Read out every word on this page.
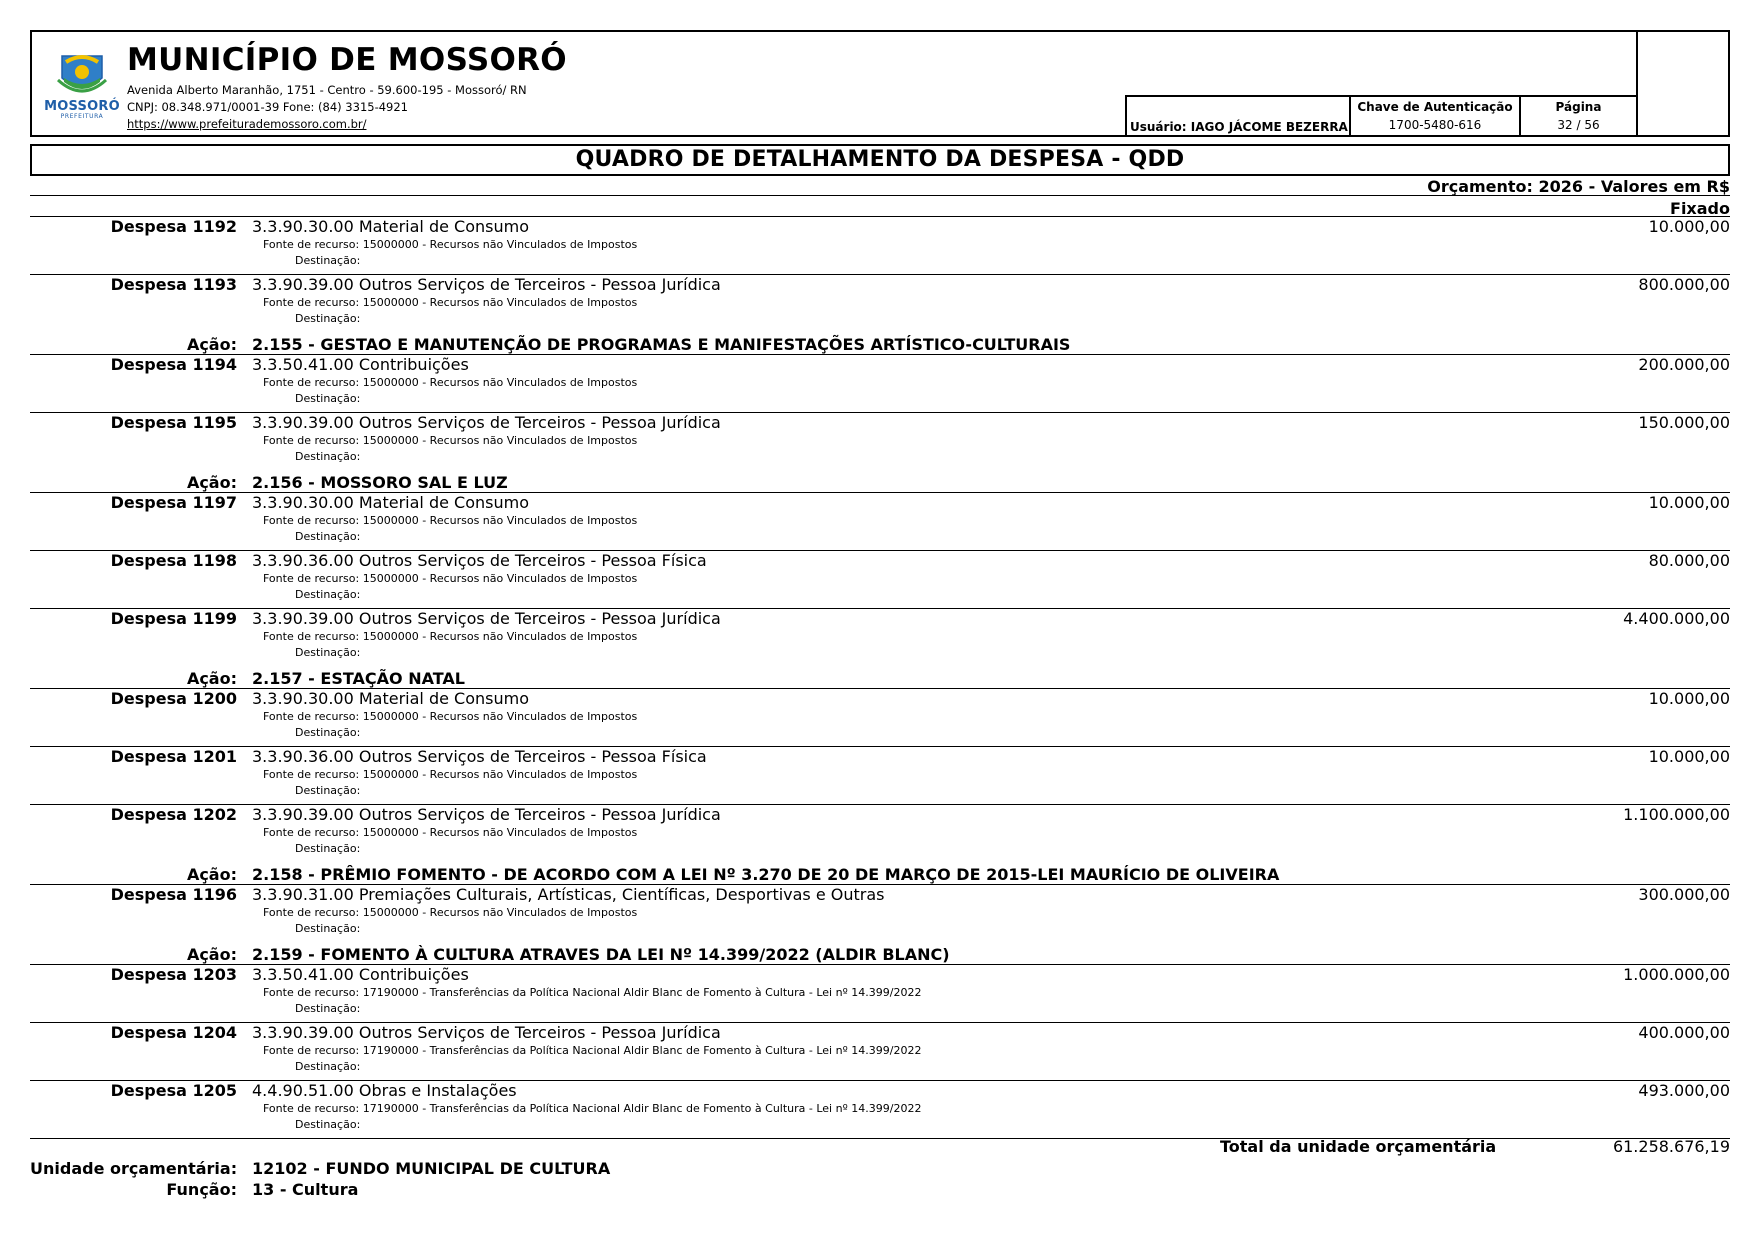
MOSSORÓ
PREFEITURA
MUNICÍPIO DE MOSSORÓ
Avenida Alberto Maranhão, 1751 - Centro - 59.600-195 - Mossoró/ RN
CNPJ: 08.348.971/0001-39 Fone: (84) 3315-4921
https://www.prefeiturademossoro.com.br/	Usuário: IAGO JÁCOME BEZERRA
Chave de Autenticação
1700-5480-616
Página
32 / 56
QUADRO DE DETALHAMENTO DA DESPESA - QDD
Orçamento: 2026 - Valores em R$
Fixado
Despesa 1192 3.3.90.30.00 Material de Consumo	10.000,00
Fonte de recurso: 15000000 - Recursos não Vinculados de Impostos
Destinação:
Despesa 1193 3.3.90.39.00 Outros Serviços de Terceiros - Pessoa Jurídica	800.000,00
Fonte de recurso: 15000000 - Recursos não Vinculados de Impostos
Destinação:
Ação: 2.155 - GESTAO E MANUTENÇÃO DE PROGRAMAS E MANIFESTAÇÕES ARTÍSTICO-CULTURAIS
Despesa 1194 3.3.50.41.00 Contribuições	200.000,00
Fonte de recurso: 15000000 - Recursos não Vinculados de Impostos
Destinação:
Despesa 1195 3.3.90.39.00 Outros Serviços de Terceiros - Pessoa Jurídica	150.000,00
Fonte de recurso: 15000000 - Recursos não Vinculados de Impostos
Destinação:
Ação: 2.156 - MOSSORO SAL E LUZ
Despesa 1197 3.3.90.30.00 Material de Consumo	10.000,00
Fonte de recurso: 15000000 - Recursos não Vinculados de Impostos
Destinação:
Despesa 1198 3.3.90.36.00 Outros Serviços de Terceiros - Pessoa Física	80.000,00
Fonte de recurso: 15000000 - Recursos não Vinculados de Impostos
Destinação:
Despesa 1199 3.3.90.39.00 Outros Serviços de Terceiros - Pessoa Jurídica	4.400.000,00
Fonte de recurso: 15000000 - Recursos não Vinculados de Impostos
Destinação:
Ação: 2.157 - ESTAÇÃO NATAL
Despesa 1200 3.3.90.30.00 Material de Consumo	10.000,00
Fonte de recurso: 15000000 - Recursos não Vinculados de Impostos
Destinação:
Despesa 1201 3.3.90.36.00 Outros Serviços de Terceiros - Pessoa Física	10.000,00
Fonte de recurso: 15000000 - Recursos não Vinculados de Impostos
Destinação:
Despesa 1202 3.3.90.39.00 Outros Serviços de Terceiros - Pessoa Jurídica	1.100.000,00
Fonte de recurso: 15000000 - Recursos não Vinculados de Impostos
Destinação:
Ação: 2.158 - PRÊMIO FOMENTO - DE ACORDO COM A LEI Nº 3.270 DE 20 DE MARÇO DE 2015-LEI MAURÍCIO DE OLIVEIRA
Despesa 1196 3.3.90.31.00 Premiações Culturais, Artísticas, Científicas, Desportivas e Outras	300.000,00
Fonte de recurso: 15000000 - Recursos não Vinculados de Impostos
Destinação:
Ação: 2.159 - FOMENTO À CULTURA ATRAVES DA LEI Nº 14.399/2022 (ALDIR BLANC)
Despesa 1203 3.3.50.41.00 Contribuições	1.000.000,00
Fonte de recurso: 17190000 - Transferências da Política Nacional Aldir Blanc de Fomento à Cultura - Lei nº 14.399/2022
Destinação:
Despesa 1204 3.3.90.39.00 Outros Serviços de Terceiros - Pessoa Jurídica	400.000,00
Fonte de recurso: 17190000 - Transferências da Política Nacional Aldir Blanc de Fomento à Cultura - Lei nº 14.399/2022
Destinação:
Despesa 1205 4.4.90.51.00 Obras e Instalações	493.000,00
Fonte de recurso: 17190000 - Transferências da Política Nacional Aldir Blanc de Fomento à Cultura - Lei nº 14.399/2022
Destinação:
Total da unidade orçamentária	61.258.676,19
Unidade orçamentária: 12102 - FUNDO MUNICIPAL DE CULTURA
Função: 13 - Cultura
